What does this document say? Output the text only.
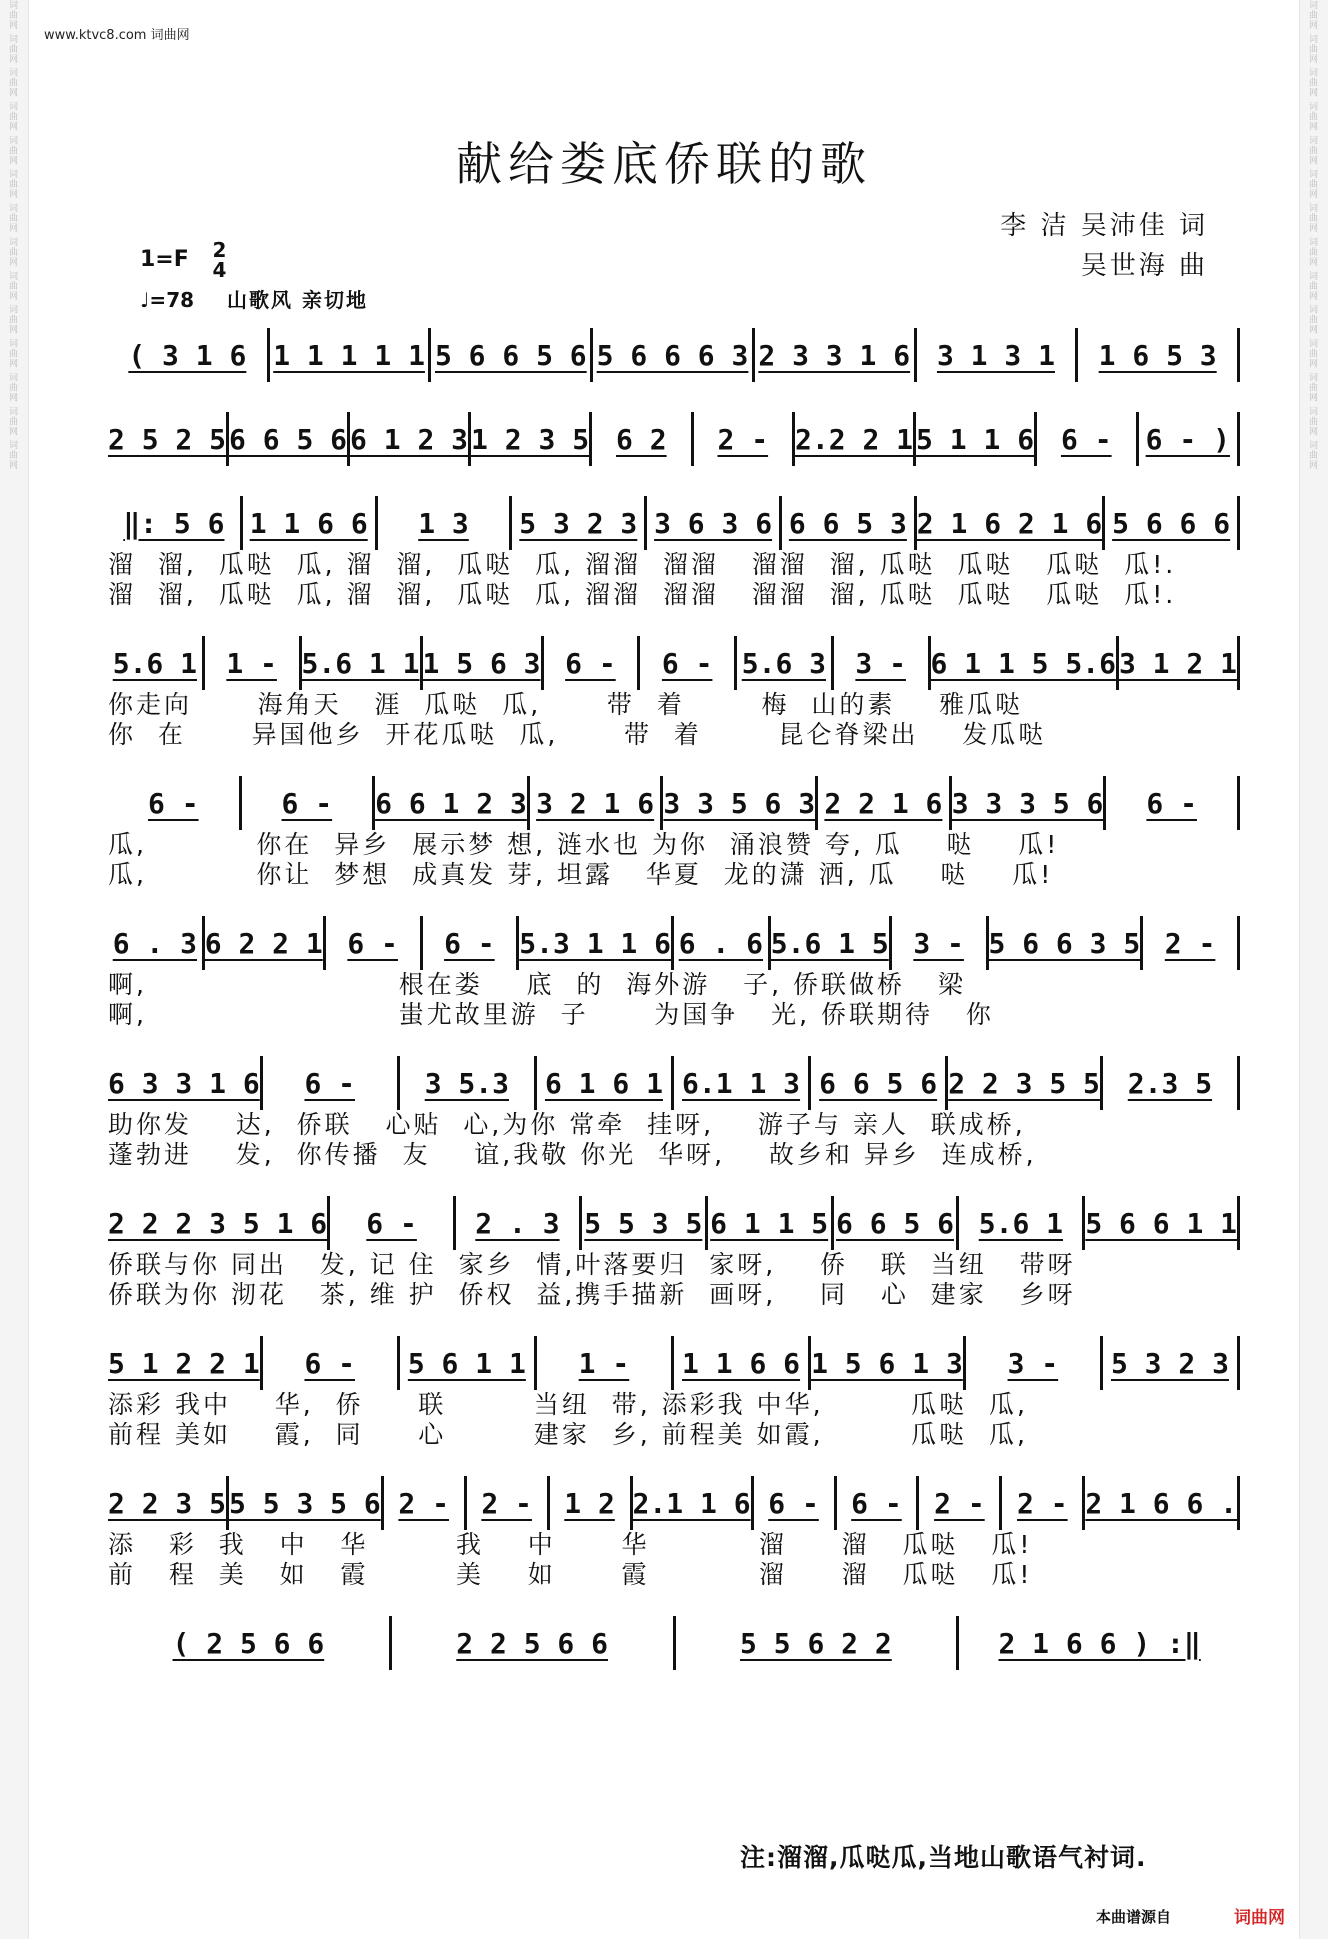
词曲网 词曲网 词曲网 词曲网 词曲网 词曲网 词曲网 词曲网 词曲网 词曲网 词曲网 词曲网 词曲网 词曲网	词曲网 词曲网 词曲网 词曲网 词曲网 词曲网 词曲网 词曲网 词曲网 词曲网 词曲网 词曲网 词曲网 词曲网
www.ktvc8.com 词曲网
献给娄底侨联的歌
李 洁 吴沛佳 词
吴世海 曲
1=F 2
4
♩=78 山歌风 亲切地
( 3 1 6 1 1 1 1 1 5 6 6 5 6 5 6 6 6 3 2 3 3 1 6 3 1 3 1	1 6 5 3
2 5 2 5 6 6 5 6 6 1 2 3 1 2 3 5 6 2	2 - 2.2 2 1 5 1 1 6 6 -	6 - )
‖: 5 6 1 1 6 6	1 3	5 3 2 3 3 6 3 6 6 6 5 3 2 1 6 2 1 6 5 6 6 6
溜  溜,  瓜哒  瓜, 溜  溜,  瓜哒  瓜, 溜溜  溜溜   溜溜  溜, 瓜哒  瓜哒   瓜哒  瓜!.
溜  溜,  瓜哒  瓜, 溜  溜,  瓜哒  瓜, 溜溜  溜溜   溜溜  溜, 瓜哒  瓜哒   瓜哒  瓜!.
5.6 1	1 - 5.6 1 1 1 5 6 3 6 -	6 -	5.6 3	3 - 6 1 1 5 5.6 3 1 2 1
你走向      海角天   涯  瓜哒  瓜,      带  着       梅  山的素    雅瓜哒
你  在      异国他乡  开花瓜哒  瓜,      带  着       昆仑脊梁出    发瓜哒
6 -	6 -	6 6 1 2 3 3 2 1 6 3 3 5 6 3 2 2 1 6 3 3 3 5 6	6 -
瓜,          你在  异乡  展示梦 想, 涟水也 为你  涌浪赞 夸, 瓜    哒    瓜!
瓜,          你让  梦想  成真发 芽, 坦露   华夏  龙的潇 洒, 瓜    哒    瓜!
6 . 3 6 2 2 1 6 -	6 - 5.3 1 1 6 6 . 6 5.6 1 5 3 - 5 6 6 3 5 2 -
啊,                       根在娄    底  的  海外游   子, 侨联做桥   梁
啊,                       蚩尤故里游  子      为国争   光, 侨联期待   你
6 3 3 1 6	6 -	3 5.3	6 1 6 1 6.1 1 3 6 6 5 6 2 2 3 5 5 2.3 5
助你发    达,  侨联   心贴  心,为你 常牵  挂呀,    游子与 亲人  联成桥,
蓬勃进    发,  你传播  友    谊,我敬 你光  华呀,    故乡和 异乡  连成桥,
2 2 2 3 5 1 6	6 -	2 . 3 5 5 3 5 6 1 1 5 6 6 5 6 5.6 1 5 6 6 1 1
侨联与你 同出   发, 记 住  家乡  情,叶落要归  家呀,    侨   联  当纽   带呀
侨联为你 沏花   茶, 维 护  侨权  益,携手描新  画呀,    同   心  建家   乡呀
5 1 2 2 1	6 -	5 6 1 1	1 -	1 1 6 6 1 5 6 1 3	3 -	5 3 2 3
添彩 我中    华,  侨     联        当纽  带, 添彩我 中华,        瓜哒  瓜,
前程 美如    霞,  同     心        建家  乡, 前程美 如霞,        瓜哒  瓜,
2 2 3 5 5 5 3 5 6 2 -	2 -	1 2 2.1 1 6 6 -	6 -	2 -	2 - 2 1 6 6 .
添   彩  我   中   华        我    中      华          溜     溜   瓜哒   瓜!
前   程  美   如   霞        美    如      霞          溜     溜   瓜哒   瓜!
( 2 5 6 6	2 2 5 6 6	5 5 6 2 2	2 1 6 6 ) :‖
注:溜溜,瓜哒瓜,当地山歌语气衬词.
本曲谱源自	词曲网
